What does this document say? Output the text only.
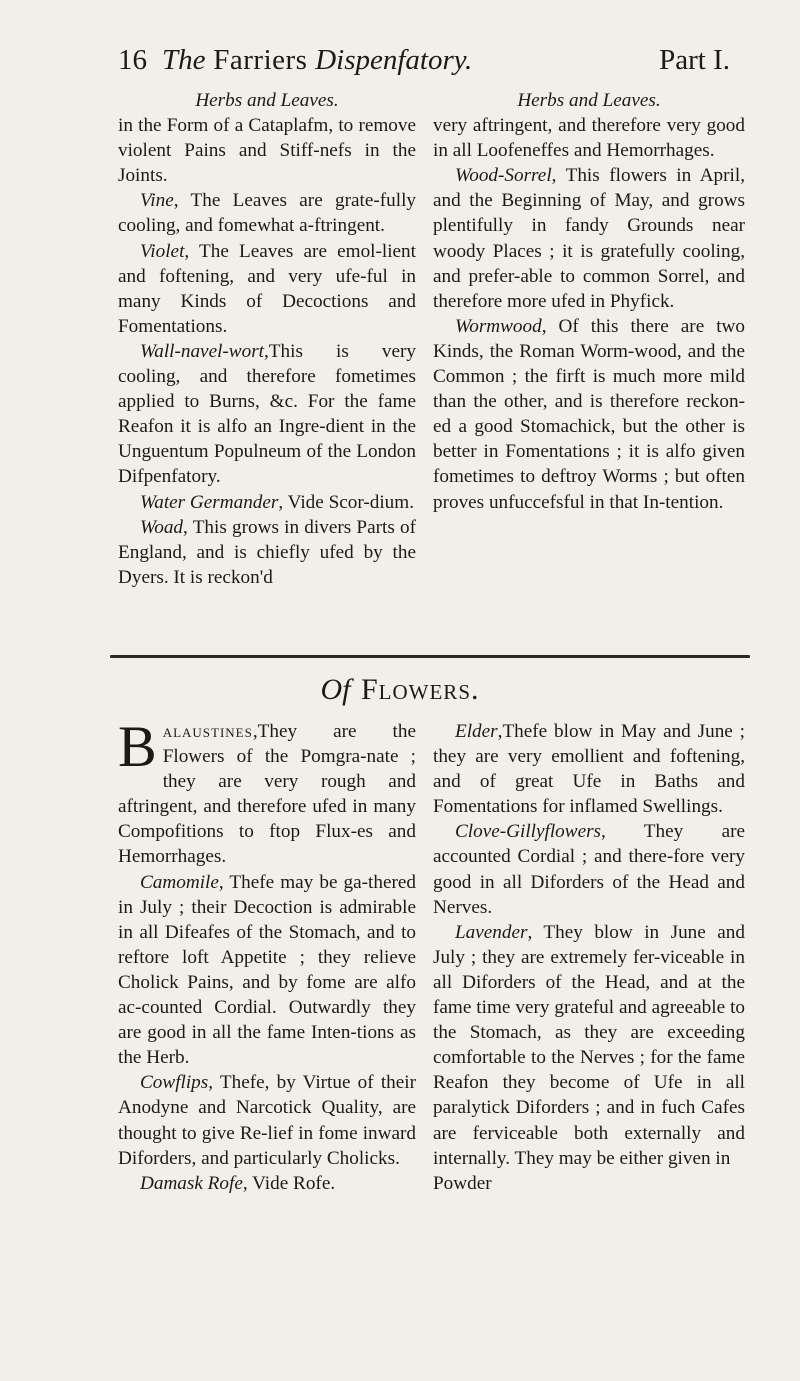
16 The Farriers Dispenfatory.	Part I.

Herbs and Leaves.

in the Form of a Cataplafm, to remove violent Pains and Stiff-nefs in the Joints.

Vine, The Leaves are grate-fully cooling, and fomewhat a-ftringent.

Violet, The Leaves are emol-lient and foftening, and very ufe-ful in many Kinds of Decoctions and Fomentations.

Wall-navel-wort,This is very cooling, and therefore fometimes applied to Burns, &c. For the fame Reafon it is alfo an Ingre-dient in the Unguentum Populneum of the London Difpenfatory.

Water Germander, Vide Scor-dium.

Woad, This grows in divers Parts of England, and is chiefly ufed by the Dyers. It is reckon'd

Herbs and Leaves.

very aftringent, and therefore very good in all Loofeneffes and Hemorrhages.

Wood-Sorrel, This flowers in April, and the Beginning of May, and grows plentifully in fandy Grounds near woody Places ; it is gratefully cooling, and prefer-able to common Sorrel, and therefore more ufed in Phyfick.

Wormwood, Of this there are two Kinds, the Roman Worm-wood, and the Common ; the firft is much more mild than the other, and is therefore reckon-ed a good Stomachick, but the other is better in Fomentations ; it is alfo given fometimes to deftroy Worms ; but often proves unfuccefsful in that In-tention.

Of Flowers.

Balaustines,They are the Flowers of the Pomgra-nate ; they are very rough and aftringent, and therefore ufed in many Compofitions to ftop Flux-es and Hemorrhages.

Camomile, Thefe may be ga-thered in July ; their Decoction is admirable in all Difeafes of the Stomach, and to reftore loft Appetite ; they relieve Cholick Pains, and by fome are alfo ac-counted Cordial. Outwardly they are good in all the fame Inten-tions as the Herb.

Cowflips, Thefe, by Virtue of their Anodyne and Narcotick Quality, are thought to give Re-lief in fome inward Diforders, and particularly Cholicks.

Damask Rofe, Vide Rofe.

Elder,Thefe blow in May and June ; they are very emollient and foftening, and of great Ufe in Baths and Fomentations for inflamed Swellings.

Clove-Gillyflowers, They are accounted Cordial ; and there-fore very good in all Diforders of the Head and Nerves.

Lavender, They blow in June and July ; they are extremely fer-viceable in all Diforders of the Head, and at the fame time very grateful and agreeable to the Stomach, as they are exceeding comfortable to the Nerves ; for the fame Reafon they become of Ufe in all paralytick Diforders ; and in fuch Cafes are ferviceable both externally and internally. They may be either given in

Powder
